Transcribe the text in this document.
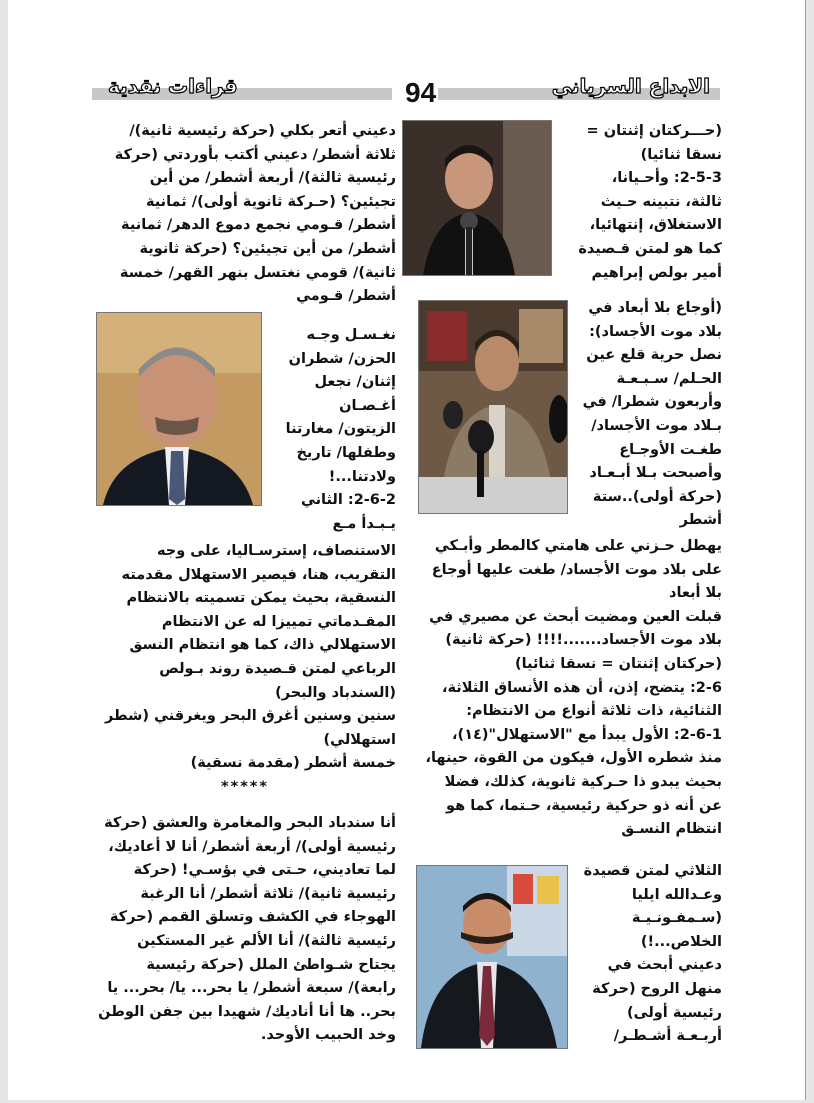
قراءات نقدية	94	الابداع السرياني

(حـــركتان إثنتان =

نسقا ثنائيا)

2-5-3: وأحـيانا،

ثالثة، نتبينه حـيث

الاستغلاق، إنتهائيا،

كما هو لمتن قـصيدة

أمير بولص إبراهيم

(أوجاع بلا أبعاد في

بلاد موت الأجساد):

نصل حرية قلع عين

الحـلم/ سـبـعـة

وأربعون شطرا/ في

بـلاد موت الأجساد/

طغـت الأوجـاع

وأصبحت بـلا أبـعـاد

(حركة أولى)..ستة

أشطر

يهطل حـزني على هامتي كالمطر وأبـكي

على بلاد موت الأجساد/ طغت عليها أوجاع

بلا أبعاد

قبلت العين ومضيت أبحث عن مصيري في

بلاد موت الأجساد.......!!!! (حركة ثانية)

(حركتان إثنتان = نسقا ثنائيا)

2-6: يتضح، إذن، أن هذه الأنساق الثلاثة،

الثنائية، ذات ثلاثة أنواع من الانتظام:

2-6-1: الأول يبدأ مع "الاستهلال"(١٤)،

منذ شطره الأول، فيكون من القوة، حينها،

بحيث يبدو ذا حـركية ثانوية، كذلك، فضلا

عن أنه ذو حركية رئيسية، حـتما، كما هو

انتظام النسـق

الثلاثي لمتن قصيدة

وعـدالله ايليا

(سـمفـونـيـة

الخلاص...!)

دعيني أبحث في

منهل الروح (حركة

رئيسية أولى)

أربـعـة أشـطـر/

دعيني أتعر بكلي (حركة رئيسية ثانية)/

ثلاثة أشطر/ دعيني أكتب بأوردتي (حركة

رئيسية ثالثة)/ أربعة أشطر/ من أين

تجيئين؟ (حـركة ثانوية أولى)/ ثمانية

أشطر/ قـومي نجمع دموع الدهر/ ثمانية

أشطر/ من أين تجيئين؟ (حركة ثانوية

ثانية)/ قومي نغتسل بنهر القهر/ خمسة

أشطر/ قـومي

نغـسـل وجـه

الحزن/ شطران

إثنان/ نجعل

أغـصـان

الزيتون/ مغارتنا

وطفلها/ تاريخ

ولادتنا...!

2-6-2: الثاني

يـبـدأ مـع

الاستنصاف، إسترسـاليا، على وجه

التقريب، هنا، فيصير الاستهلال مقدمته

النسقية، بحيث يمكن تسميته بالانتظام

المقـدماتي تمييزا له عن الانتظام

الاستهلالي ذاك، كما هو انتظام النسق

الرباعي لمتن قـصيدة روند بـولص

(السندباد والبحر)

سنين وسنين أغرق البحر ويغرقني (شطر

استهلالي)

خمسة أشطر (مقدمة نسقية)

*****

أنا سندباد البحر والمغامرة والعشق (حركة

رئيسية أولى)/ أربعة أشطر/ أنا لا أعاديك،

لما تعاديني، حـتى في بؤسـي! (حركة

رئيسية ثانية)/ ثلاثة أشطر/ أنا الرغبة

الهوجاء في الكشف وتسلق القمم (حركة

رئيسية ثالثة)/ أنا الألم غير المستكين

يجتاح شـواطئ الملل (حركة رئيسية

رابعة)/ سبعة أشطر/ يا بحر... يا/ بحر... يا

بحر.. ها أنا أناديك/ شهيدا بين جفن الوطن

وخد الحبيب الأوحد.
